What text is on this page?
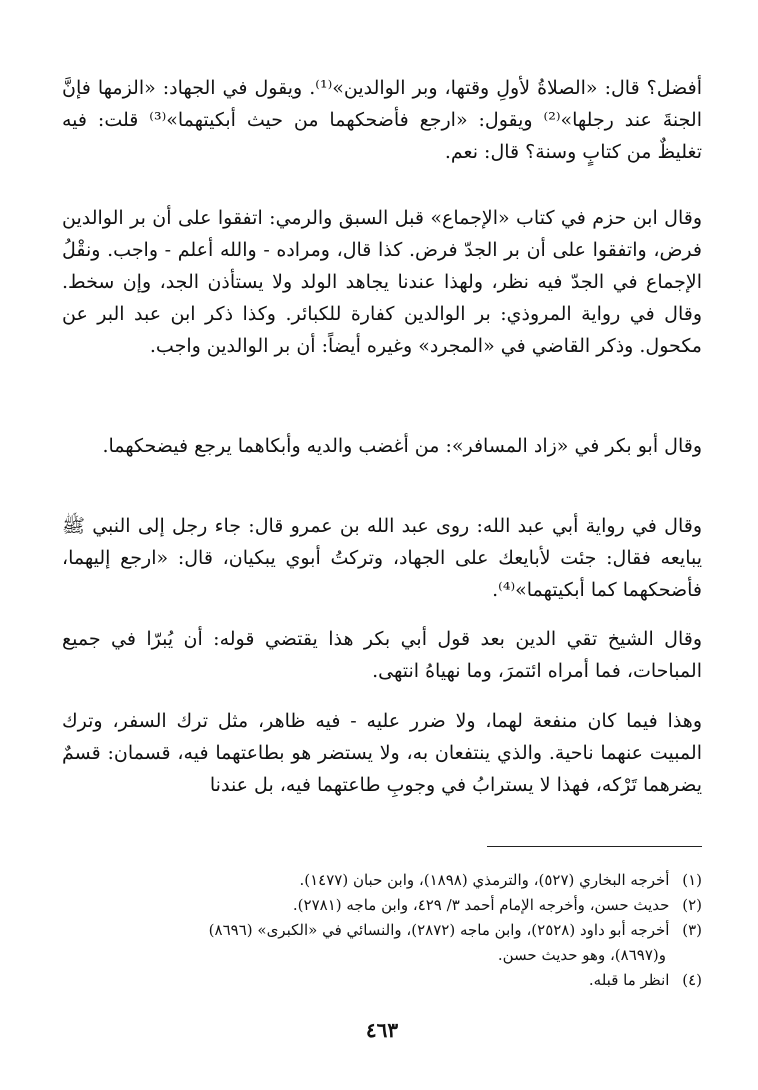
أفضل؟ قال: «الصلاةُ لأولِ وقتها، وبر الوالدين»⁽¹⁾. ويقول في الجهاد: «الزمها فإنَّ الجنةَ عند رجلها»⁽²⁾ ويقول: «ارجع فأضحكهما من حيث أبكيتهما»⁽³⁾ قلت: فيه تغليظٌ من كتابٍ وسنة؟ قال: نعم.

وقال ابن حزم في كتاب «الإجماع» قبل السبق والرمي: اتفقوا على أن بر الوالدين فرض، واتفقوا على أن بر الجدّ فرض. كذا قال، ومراده - والله أعلم - واجب. ونقْلُ الإجماع في الجدّ فيه نظر، ولهذا عندنا يجاهد الولد ولا يستأذن الجد، وإن سخط. وقال في رواية المروذي: بر الوالدين كفارة للكبائر. وكذا ذكر ابن عبد البر عن مكحول. وذكر القاضي في «المجرد» وغيره أيضاً: أن بر الوالدين واجب.

وقال أبو بكر في «زاد المسافر»: من أغضب والديه وأبكاهما يرجع فيضحكهما.

وقال في رواية أبي عبد الله: روى عبد الله بن عمرو قال: جاء رجل إلى النبي ﷺ يبايعه فقال: جئت لأبايعك على الجهاد، وتركتُ أبوي يبكيان، قال: «ارجع إليهما، فأضحكهما كما أبكيتهما»⁽⁴⁾.

وقال الشيخ تقي الدين بعد قول أبي بكر هذا يقتضي قوله: أن يُبرّا في جميع المباحات، فما أمراه ائتمرَ، وما نهياهُ انتهى.

وهذا فيما كان منفعة لهما، ولا ضرر عليه - فيه ظاهر، مثل ترك السفر، وترك المبيت عنهما ناحية. والذي ينتفعان به، ولا يستضر هو بطاعتهما فيه، قسمان: قسمٌ يضرهما تَرْكه، فهذا لا يسترابُ في وجوبِ طاعتهما فيه، بل عندنا

(١) أخرجه البخاري (٥٢٧)، والترمذي (١٨٩٨)، وابن حبان (١٤٧٧).

(٢) حديث حسن، وأخرجه الإمام أحمد ٣/ ٤٢٩، وابن ماجه (٢٧٨١).

(٣) أخرجه أبو داود (٢٥٢٨)، وابن ماجه (٢٨٧٢)، والنسائي في «الكبرى» (٨٦٩٦)

و(٨٦٩٧)، وهو حديث حسن.

(٤) انظر ما قبله.

٤٦٣
